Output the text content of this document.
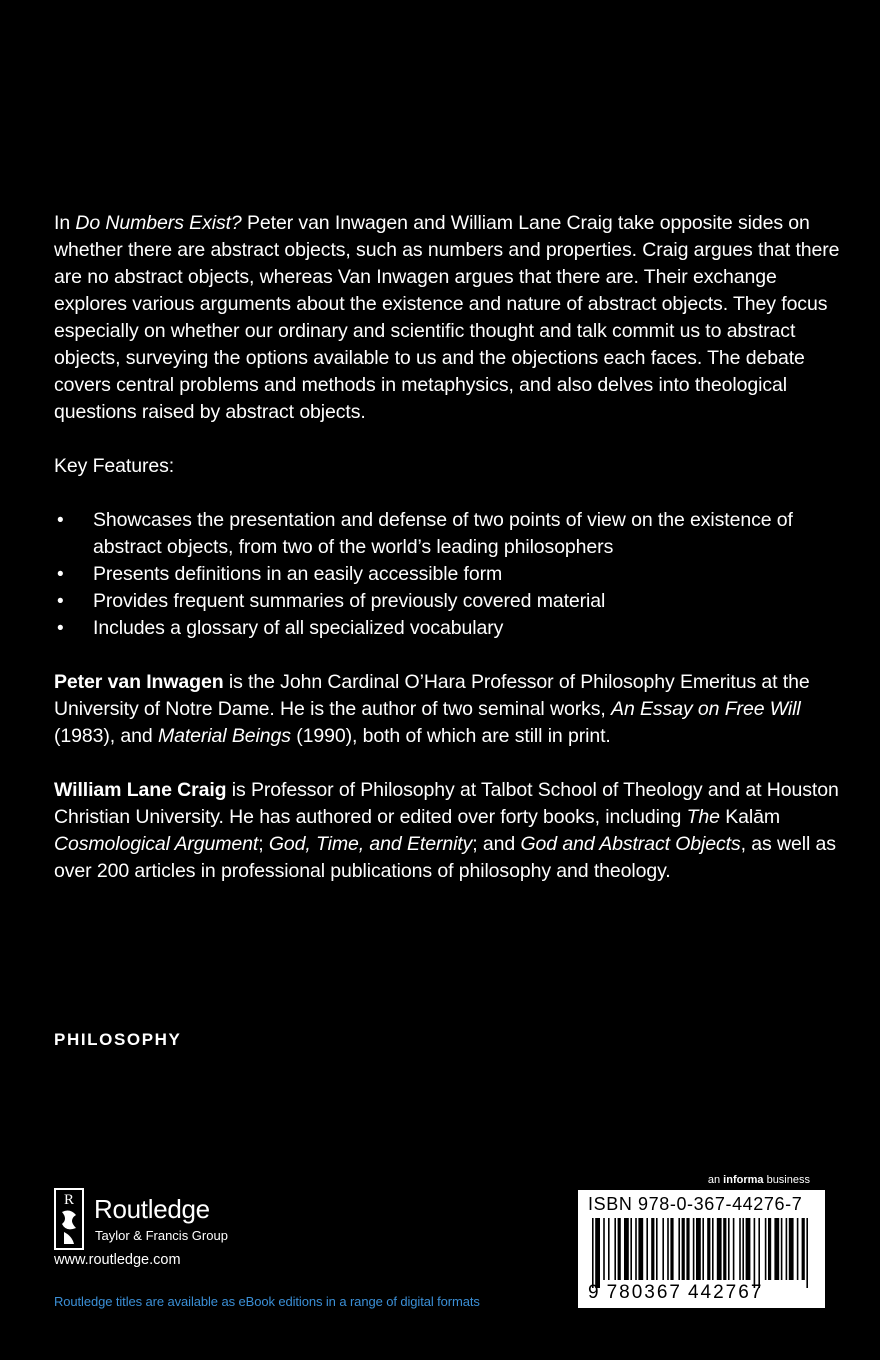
In Do Numbers Exist? Peter van Inwagen and William Lane Craig take opposite sides on whether there are abstract objects, such as numbers and properties. Craig argues that there are no abstract objects, whereas Van Inwagen argues that there are. Their exchange explores various arguments about the existence and nature of abstract objects. They focus especially on whether our ordinary and scientific thought and talk commit us to abstract objects, surveying the options available to us and the objections each faces. The debate covers central problems and methods in metaphysics, and also delves into theological questions raised by abstract objects.

Key Features:

• Showcases the presentation and defense of two points of view on the existence of abstract objects, from two of the world’s leading philosophers
• Presents definitions in an easily accessible form
• Provides frequent summaries of previously covered material
• Includes a glossary of all specialized vocabulary

Peter van Inwagen is the John Cardinal O’Hara Professor of Philosophy Emeritus at the University of Notre Dame. He is the author of two seminal works, An Essay on Free Will (1983), and Material Beings (1990), both of which are still in print.

William Lane Craig is Professor of Philosophy at Talbot School of Theology and at Houston Christian University. He has authored or edited over forty books, including The Kalām Cosmological Argument; God, Time, and Eternity; and God and Abstract Objects, as well as over 200 articles in professional publications of philosophy and theology.

PHILOSOPHY
R Routledge
Taylor & Francis Group
www.routledge.com
Routledge titles are available as eBook editions in a range of digital formats
an informa business
ISBN 978-0-367-44276-7
9 780367 442767
